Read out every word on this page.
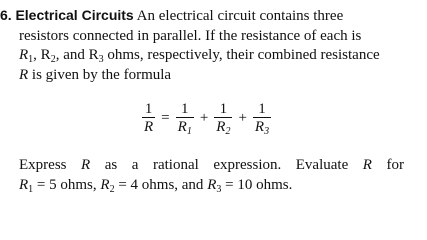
6. Electrical Circuits An electrical circuit contains three
resistors connected in parallel. If the resistance of each is
$R_1$, $R_2$, and $R_3$ ohms, respectively, their combined resistance
R is given by the formula
$\frac{1}{R} = \frac{1}{R_1} + \frac{1}{R_2} + \frac{1}{R_3}$
Express R as a rational expression. Evaluate R for
$R_1 = 5$ ohms, $R_2 = 4$ ohms, and $R_3 = 10$ ohms.
